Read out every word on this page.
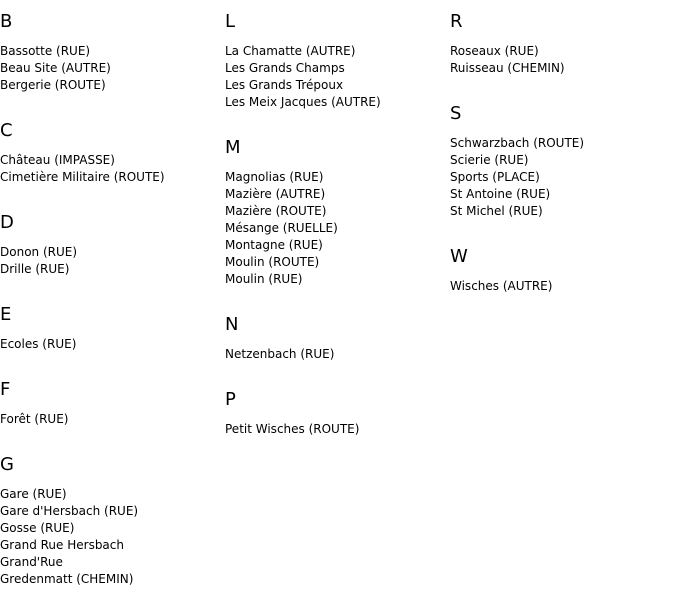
B
Bassotte (RUE)
Beau Site (AUTRE)
Bergerie (ROUTE)
C
Château (IMPASSE)
Cimetière Militaire (ROUTE)
D
Donon (RUE)
Drille (RUE)
E
Ecoles (RUE)
F
Forêt (RUE)
G
Gare (RUE)
Gare d'Hersbach (RUE)
Gosse (RUE)
Grand Rue Hersbach
Grand'Rue
Gredenmatt (CHEMIN)
L
La Chamatte (AUTRE)
Les Grands Champs
Les Grands Trépoux
Les Meix Jacques (AUTRE)
M
Magnolias (RUE)
Mazière (AUTRE)
Mazière (ROUTE)
Mésange (RUELLE)
Montagne (RUE)
Moulin (ROUTE)
Moulin (RUE)
N
Netzenbach (RUE)
P
Petit Wisches (ROUTE)
R
Roseaux (RUE)
Ruisseau (CHEMIN)
S
Schwarzbach (ROUTE)
Scierie (RUE)
Sports (PLACE)
St Antoine (RUE)
St Michel (RUE)
W
Wisches (AUTRE)
